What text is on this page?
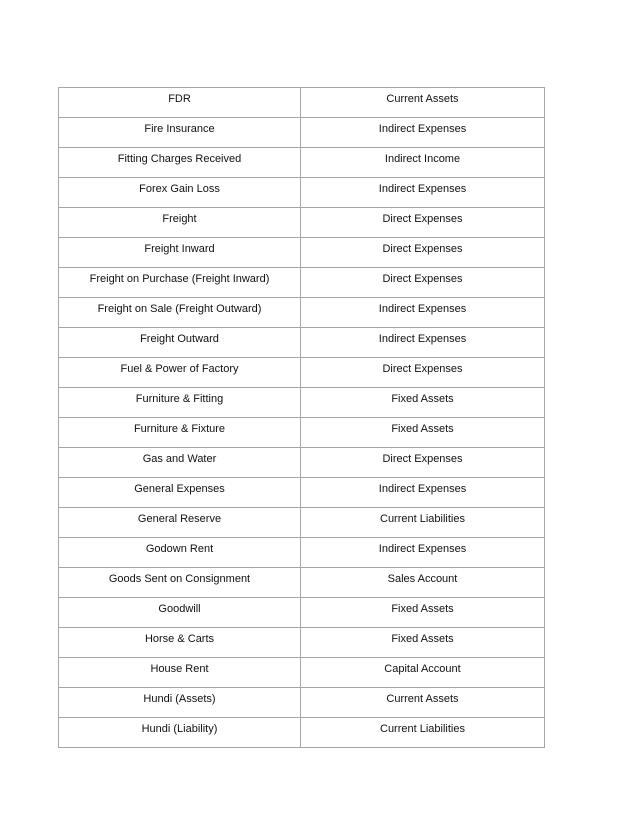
FDR	Current Assets
Fire Insurance	Indirect Expenses
Fitting Charges Received	Indirect Income
Forex Gain Loss	Indirect Expenses
Freight	Direct Expenses
Freight Inward	Direct Expenses
Freight on Purchase (Freight Inward)	Direct Expenses
Freight on Sale (Freight Outward)	Indirect Expenses
Freight Outward	Indirect Expenses
Fuel & Power of Factory	Direct Expenses
Furniture & Fitting	Fixed Assets
Furniture & Fixture	Fixed Assets
Gas and Water	Direct Expenses
General Expenses	Indirect Expenses
General Reserve	Current Liabilities
Godown Rent	Indirect Expenses
Goods Sent on Consignment	Sales Account
Goodwill	Fixed Assets
Horse & Carts	Fixed Assets
House Rent	Capital Account
Hundi (Assets)	Current Assets
Hundi (Liability)	Current Liabilities
